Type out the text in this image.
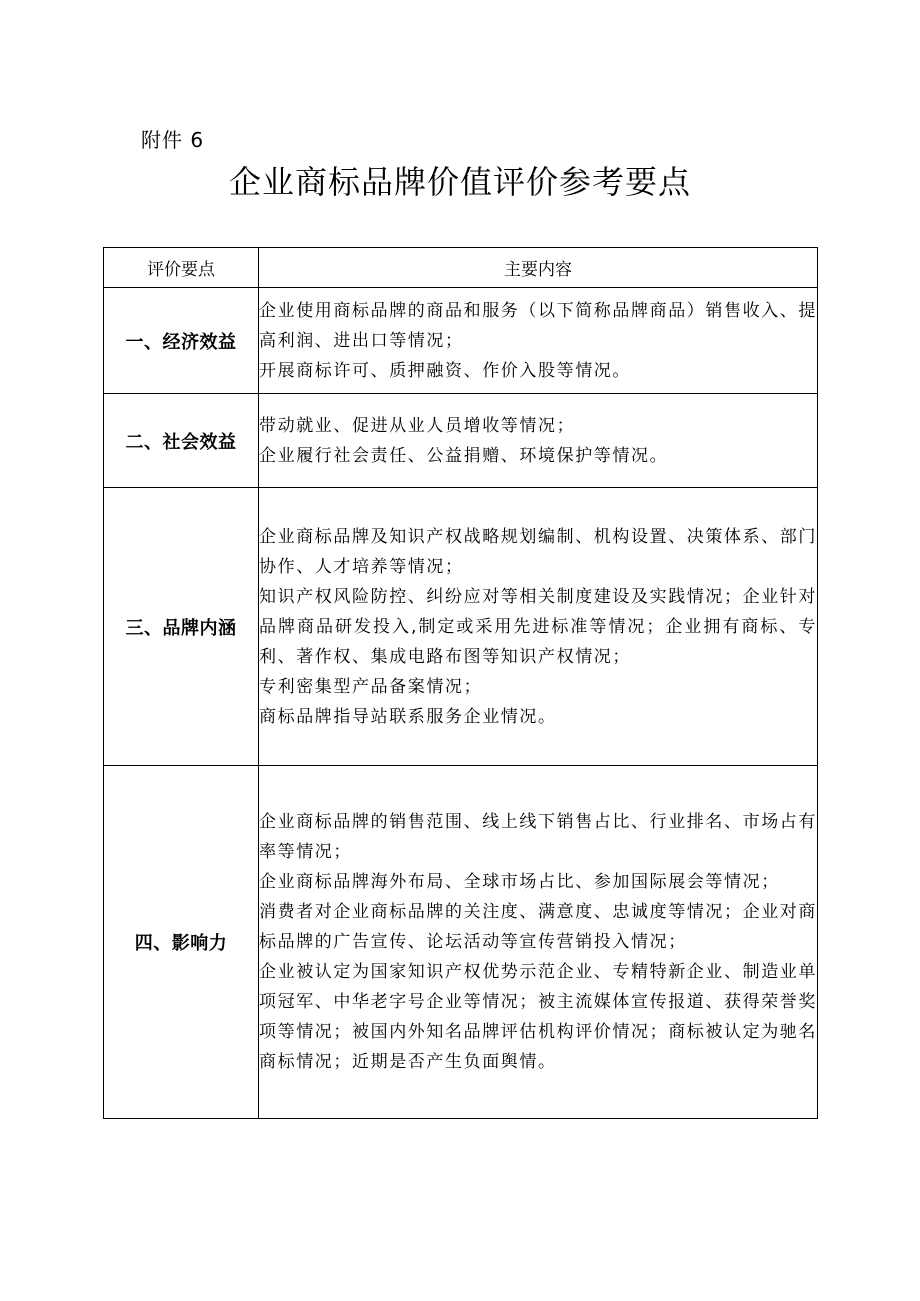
附件 6
企业商标品牌价值评价参考要点
评价要点	主要内容
一、经济效益	企业使用商标品牌的商品和服务（以下简称品牌商品）销售收入、提高利润、进出口等情况；
开展商标许可、质押融资、作价入股等情况。

二、社会效益	带动就业、促进从业人员增收等情况；
企业履行社会责任、公益捐赠、环境保护等情况。

三、品牌内涵	企业商标品牌及知识产权战略规划编制、机构设置、决策体系、部门协作、人才培养等情况；
知识产权风险防控、纠纷应对等相关制度建设及实践情况；企业针对品牌商品研发投入,制定或采用先进标准等情况；企业拥有商标、专利、著作权、集成电路布图等知识产权情况；
专利密集型产品备案情况；
商标品牌指导站联系服务企业情况。

四、影响力	企业商标品牌的销售范围、线上线下销售占比、行业排名、市场占有率等情况；
企业商标品牌海外布局、全球市场占比、参加国际展会等情况；
消费者对企业商标品牌的关注度、满意度、忠诚度等情况；企业对商标品牌的广告宣传、论坛活动等宣传营销投入情况；
企业被认定为国家知识产权优势示范企业、专精特新企业、制造业单项冠军、中华老字号企业等情况；被主流媒体宣传报道、获得荣誉奖项等情况；被国内外知名品牌评估机构评价情况；商标被认定为驰名商标情况；近期是否产生负面舆情。
